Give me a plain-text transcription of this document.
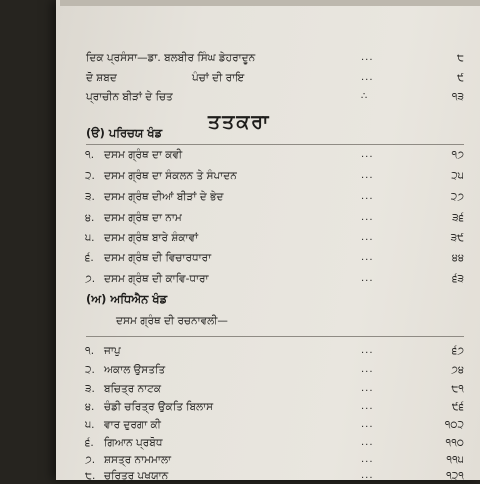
ਦਿਕ ਪ੍ਰਸੰਸਾ—ਡਾ. ਬਲਬੀਰ ਸਿੰਘ ਡੇਹਰਾਦੂਨ	...	੮
ਦੋ ਸ਼ਬਦ	ਪੰਚਾਂ ਦੀ ਰਾਇ	...	੯
ਪ੍ਰਾਚੀਨ ਬੀੜਾਂ ਦੇ ਚਿਤ	∴	੧੩
ਤਤਕਰਾ
(ੳ) ਪਰਿਚਯ ਖੰਡ
੧. ਦਸਮ ਗ੍ਰੰਥ ਦਾ ਕਵੀ	...	੧੭
੨. ਦਸਮ ਗ੍ਰੰਥ ਦਾ ਸੰਕਲਨ ਤੇ ਸੰਪਾਦਨ	...	੨੫
੩. ਦਸਮ ਗ੍ਰੰਥ ਦੀਆਂ ਬੀੜਾਂ ਦੇ ਭੇਦ	...	੨੭
੪. ਦਸਮ ਗ੍ਰੰਥ ਦਾ ਨਾਮ	...	੩੬
੫. ਦਸਮ ਗ੍ਰੰਥ ਬਾਰੇ ਸ਼ੰਕਾਵਾਂ	...	੩੯
੬. ਦਸਮ ਗ੍ਰੰਥ ਦੀ ਵਿਚਾਰਧਾਰਾ	...	੪੪
੭. ਦਸਮ ਗ੍ਰੰਥ ਦੀ ਕਾਵਿ-ਧਾਰਾ	...	੬੩
(ਅ) ਅਧਿਐਨ ਖੰਡ
ਦਸਮ ਗ੍ਰੰਥ ਦੀ ਰਚਨਾਵਲੀ—
੧. ਜਾਪੁ	...	੬੭
੨. ਅਕਾਲ ਉਸਤਤਿ	...	੭੪
੩. ਬਚਿਤ੍ਰ ਨਾਟਕ	...	੮੧
੪. ਚੰਡੀ ਚਰਿਤ੍ਰ ਉਕਤਿ ਬਿਲਾਸ	...	੯੬
੫. ਵਾਰ ਦੁਰਗਾ ਕੀ	...	੧੦੨
੬. ਗਿਆਨ ਪ੍ਰਬੋਧ	...	੧੧੦
੭. ਸ਼ਸਤ੍ਰ ਨਾਮਮਾਲਾ	...	੧੧੫
੮. ਚਰਿਤ੍ਰ ਪਖਯਾਨ	...	੧੨੧
